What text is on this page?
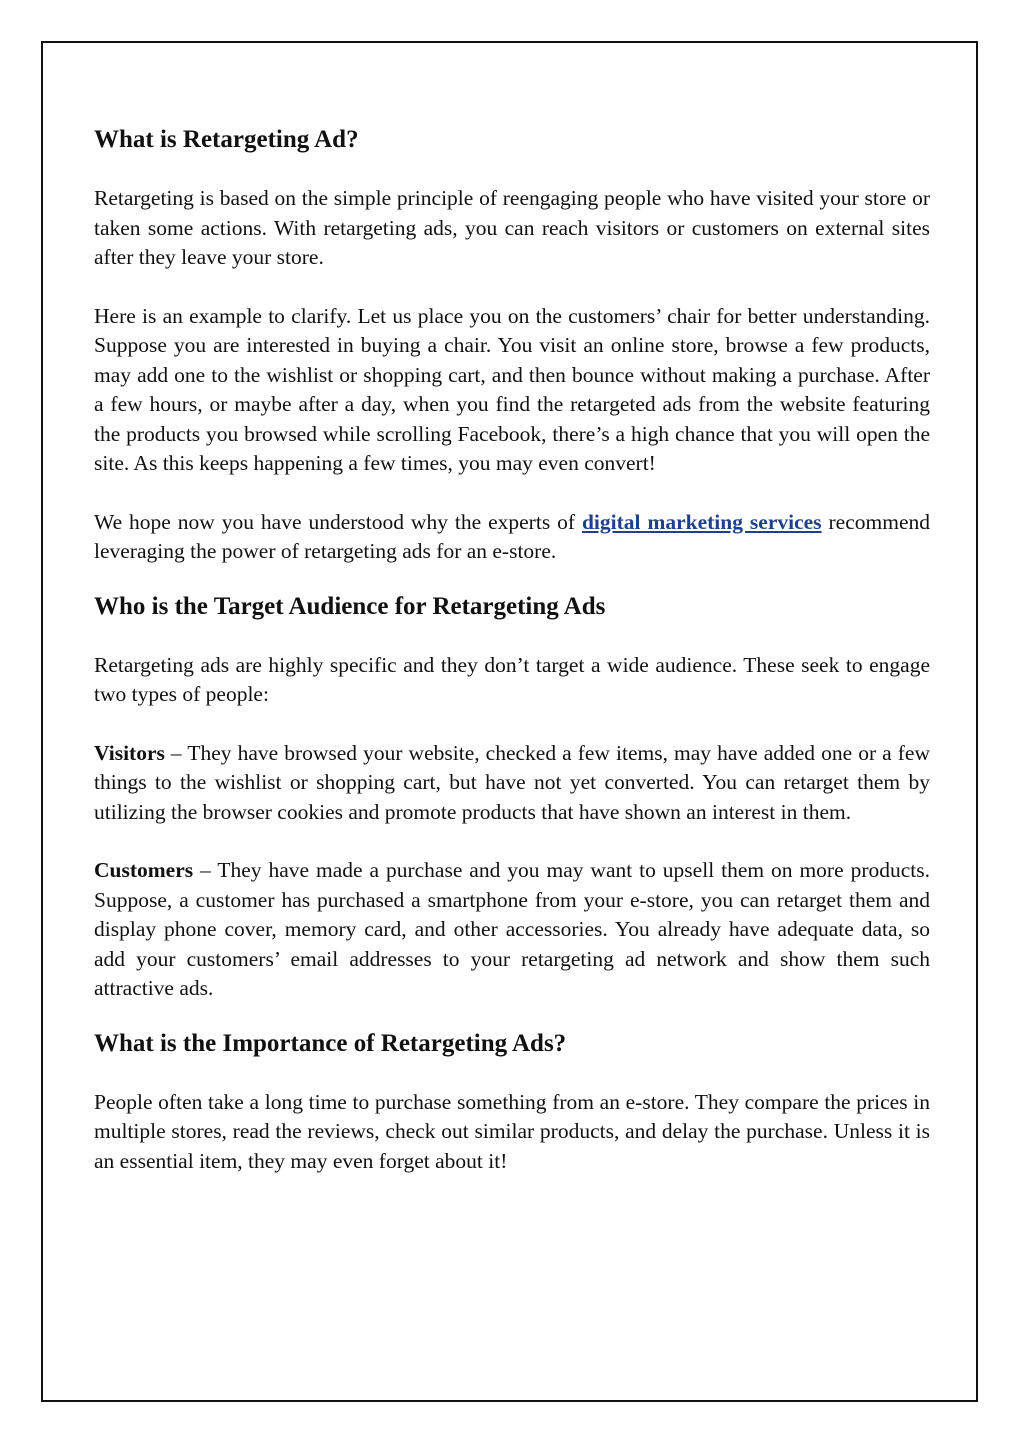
What is Retargeting Ad?

Retargeting is based on the simple principle of reengaging people who have visited your store or taken some actions. With retargeting ads, you can reach visitors or customers on external sites after they leave your store.

Here is an example to clarify. Let us place you on the customers’ chair for better understanding. Suppose you are interested in buying a chair. You visit an online store, browse a few products, may add one to the wishlist or shopping cart, and then bounce without making a purchase. After a few hours, or maybe after a day, when you find the retargeted ads from the website featuring the products you browsed while scrolling Facebook, there’s a high chance that you will open the site. As this keeps happening a few times, you may even convert!

We hope now you have understood why the experts of digital marketing services recommend leveraging the power of retargeting ads for an e-store.

Who is the Target Audience for Retargeting Ads

Retargeting ads are highly specific and they don’t target a wide audience. These seek to engage two types of people:

Visitors – They have browsed your website, checked a few items, may have added one or a few things to the wishlist or shopping cart, but have not yet converted. You can retarget them by utilizing the browser cookies and promote products that have shown an interest in them.

Customers – They have made a purchase and you may want to upsell them on more products. Suppose, a customer has purchased a smartphone from your e-store, you can retarget them and display phone cover, memory card, and other accessories. You already have adequate data, so add your customers’ email addresses to your retargeting ad network and show them such attractive ads.

What is the Importance of Retargeting Ads?

People often take a long time to purchase something from an e-store. They compare the prices in multiple stores, read the reviews, check out similar products, and delay the purchase. Unless it is an essential item, they may even forget about it!
